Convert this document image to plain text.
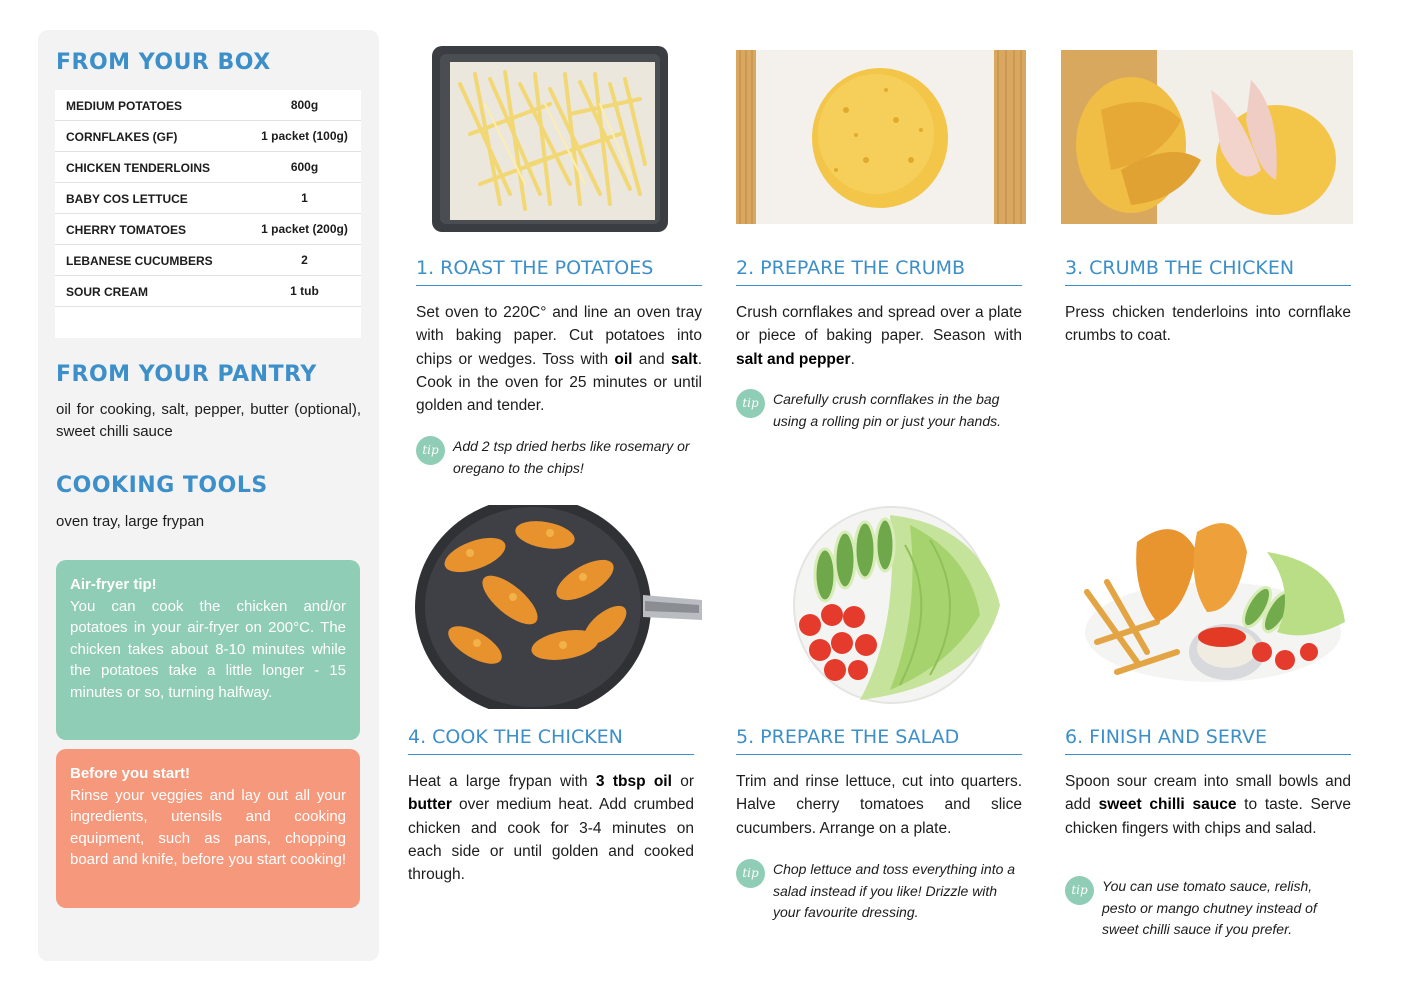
FROM YOUR BOX
MEDIUM POTATOES	800g
CORNFLAKES (GF)	1 packet (100g)
CHICKEN TENDERLOINS	600g
BABY COS LETTUCE	1
CHERRY TOMATOES	1 packet (200g)
LEBANESE CUCUMBERS	2
SOUR CREAM	1 tub
FROM YOUR PANTRY
oil for cooking, salt, pepper, butter (optional), sweet chilli sauce
COOKING TOOLS
oven tray, large frypan
Air-fryer tip!
You can cook the chicken and/or potatoes in your air-fryer on 200°C. The chicken takes about 8-10 minutes while the potatoes take a little longer - 15 minutes or so, turning halfway.
Before you start!
Rinse your veggies and lay out all your ingredients, utensils and cooking equipment, such as pans, chopping board and knife, before you start cooking!
1. ROAST THE POTATOES
Set oven to 220C° and line an oven tray with baking paper. Cut potatoes into chips or wedges. Toss with oil and salt. Cook in the oven for 25 minutes or until golden and tender.
tip	Add 2 tsp dried herbs like rosemary or oregano to the chips!
2. PREPARE THE CRUMB
Crush cornflakes and spread over a plate or piece of baking paper. Season with salt and pepper.
tip	Carefully crush cornflakes in the bag using a rolling pin or just your hands.
3. CRUMB THE CHICKEN
Press chicken tenderloins into cornflake crumbs to coat.
4. COOK THE CHICKEN
Heat a large frypan with 3 tbsp oil or butter over medium heat. Add crumbed chicken and cook for 3-4 minutes on each side or until golden and cooked through.
5. PREPARE THE SALAD
Trim and rinse lettuce, cut into quarters. Halve cherry tomatoes and slice cucumbers. Arrange on a plate.
tip	Chop lettuce and toss everything into a salad instead if you like! Drizzle with your favourite dressing.
6. FINISH AND SERVE
Spoon sour cream into small bowls and add sweet chilli sauce to taste. Serve chicken fingers with chips and salad.
tip	You can use tomato sauce, relish, pesto or mango chutney instead of sweet chilli sauce if you prefer.
